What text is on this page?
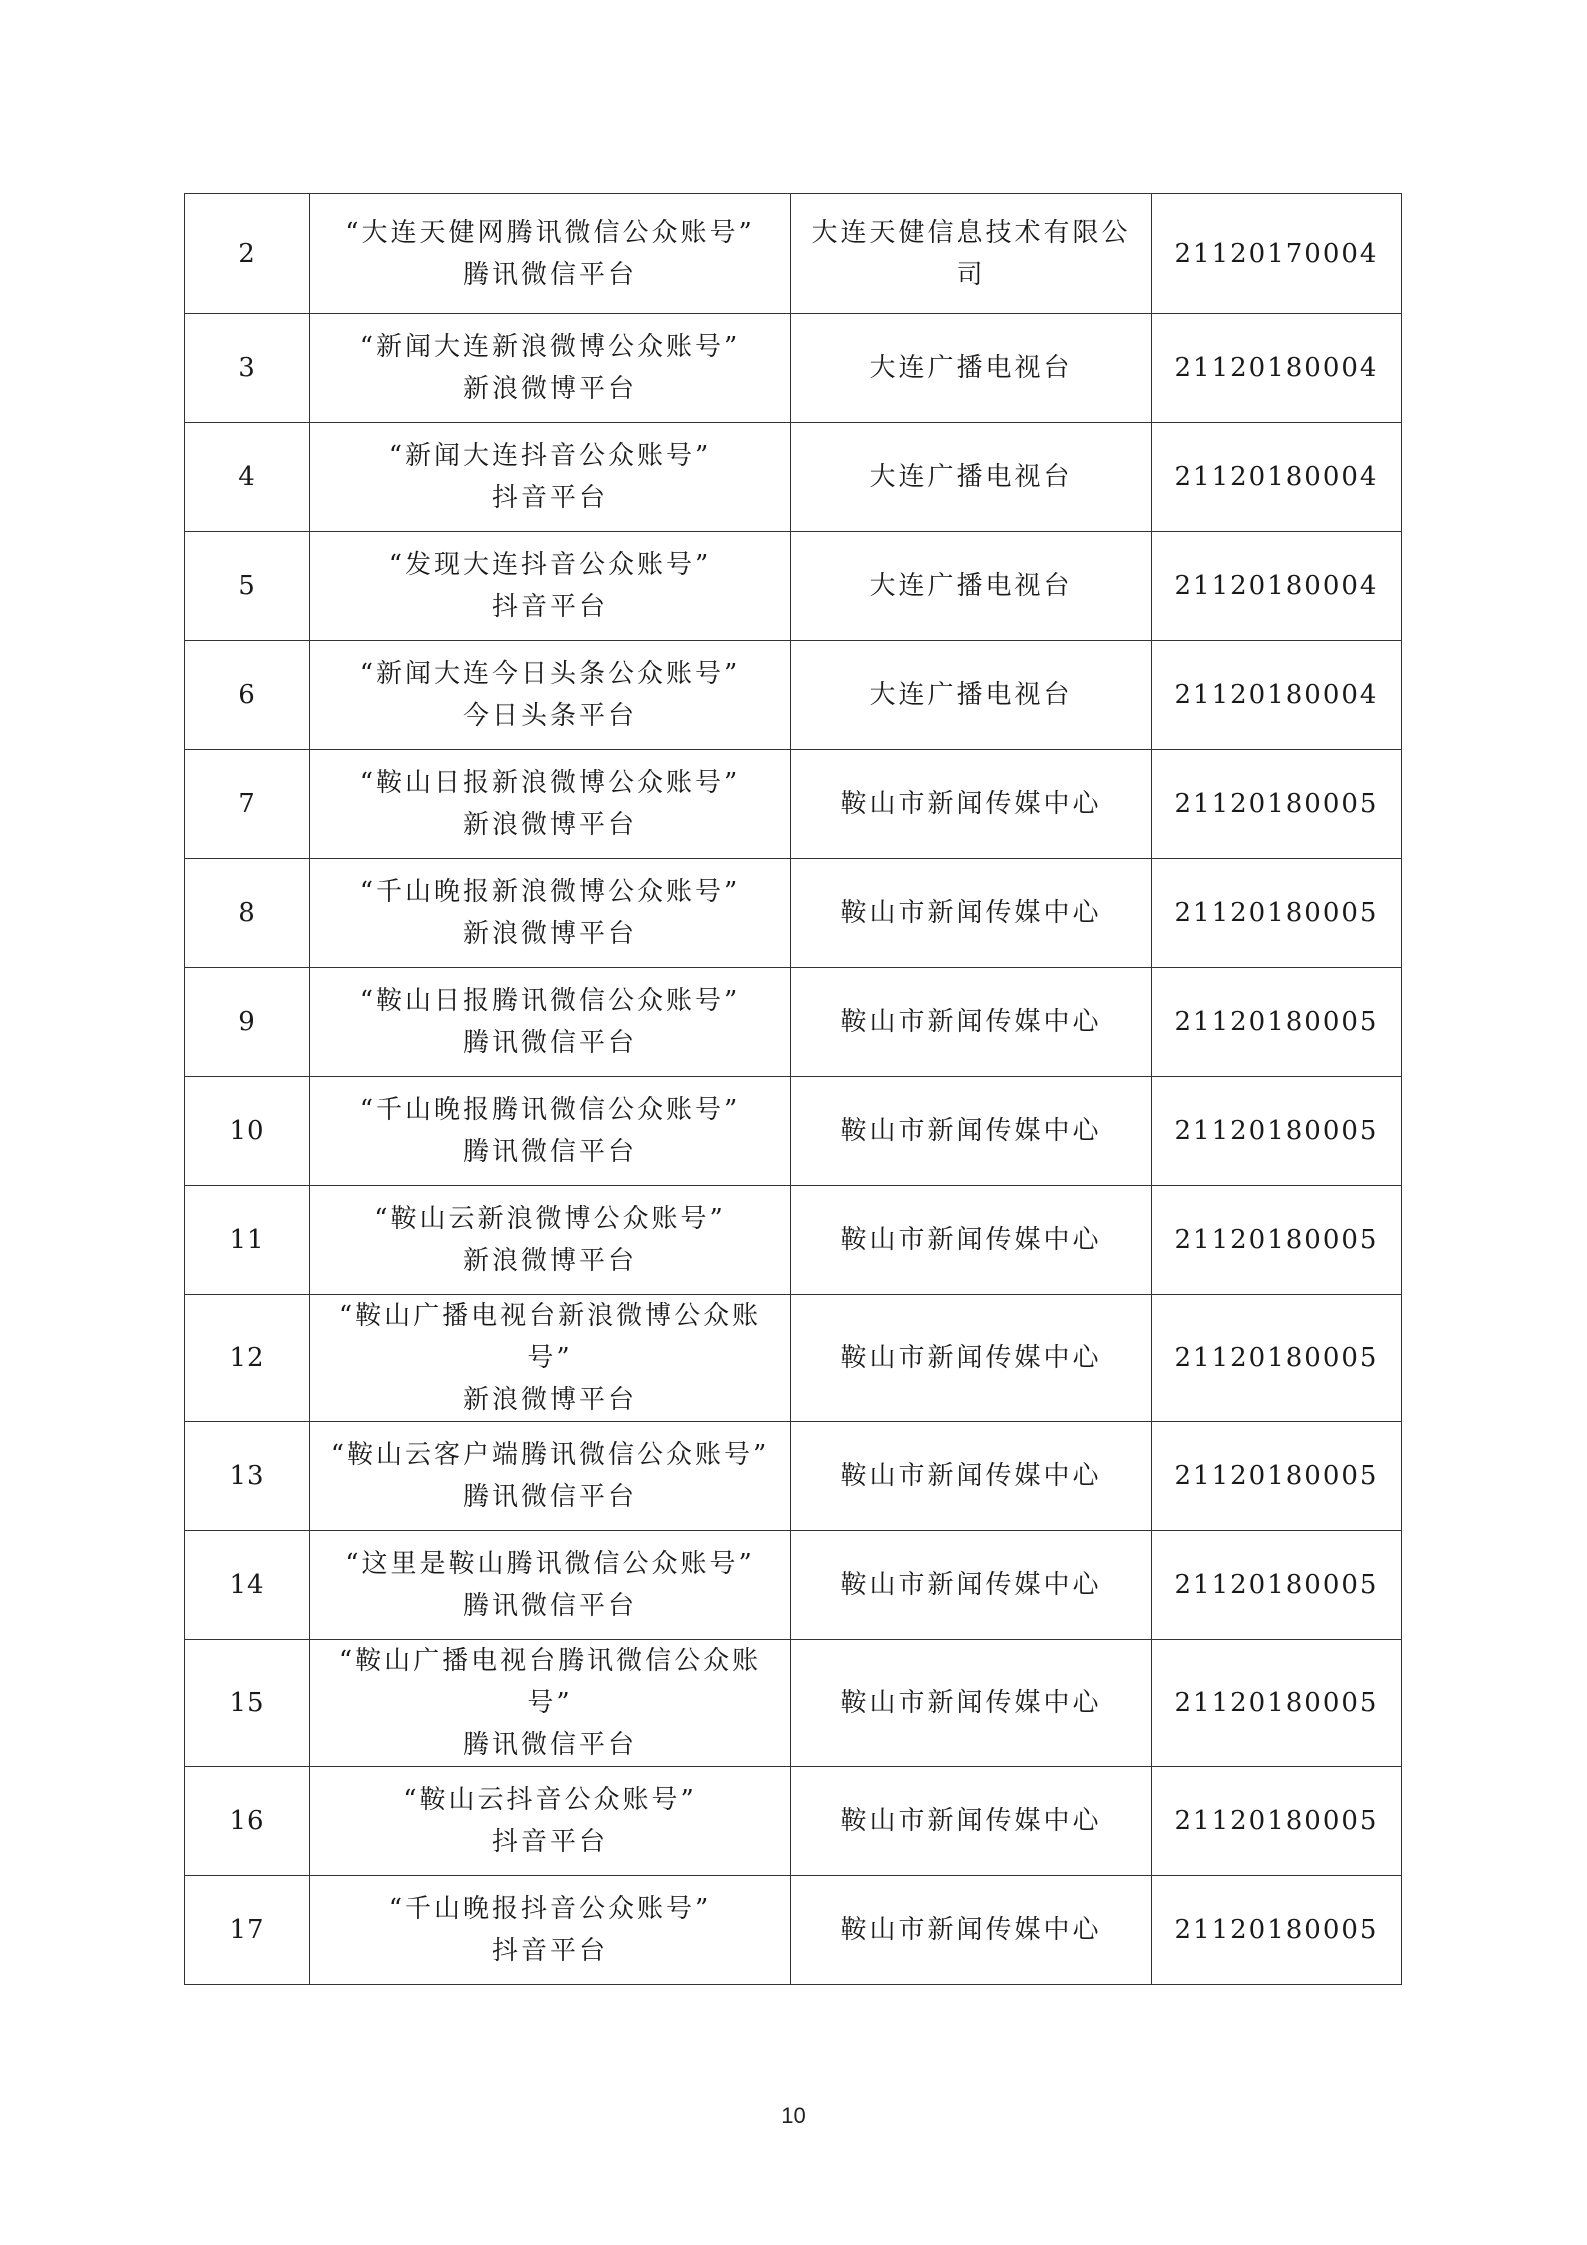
2	“大连天健网腾讯微信公众账号”
腾讯微信平台	大连天健信息技术有限公
司	21120170004
3	“新闻大连新浪微博公众账号”
新浪微博平台	大连广播电视台	21120180004
4	“新闻大连抖音公众账号”
抖音平台	大连广播电视台	21120180004
5	“发现大连抖音公众账号”
抖音平台	大连广播电视台	21120180004
6	“新闻大连今日头条公众账号”
今日头条平台	大连广播电视台	21120180004
7	“鞍山日报新浪微博公众账号”
新浪微博平台	鞍山市新闻传媒中心	21120180005
8	“千山晚报新浪微博公众账号”
新浪微博平台	鞍山市新闻传媒中心	21120180005
9	“鞍山日报腾讯微信公众账号”
腾讯微信平台	鞍山市新闻传媒中心	21120180005
10	“千山晚报腾讯微信公众账号”
腾讯微信平台	鞍山市新闻传媒中心	21120180005
11	“鞍山云新浪微博公众账号”
新浪微博平台	鞍山市新闻传媒中心	21120180005
12	“鞍山广播电视台新浪微博公众账
号”
新浪微博平台	鞍山市新闻传媒中心	21120180005
13	“鞍山云客户端腾讯微信公众账号”
腾讯微信平台	鞍山市新闻传媒中心	21120180005
14	“这里是鞍山腾讯微信公众账号”
腾讯微信平台	鞍山市新闻传媒中心	21120180005
15	“鞍山广播电视台腾讯微信公众账
号”
腾讯微信平台	鞍山市新闻传媒中心	21120180005
16	“鞍山云抖音公众账号”
抖音平台	鞍山市新闻传媒中心	21120180005
17	“千山晚报抖音公众账号”
抖音平台	鞍山市新闻传媒中心	21120180005
10
